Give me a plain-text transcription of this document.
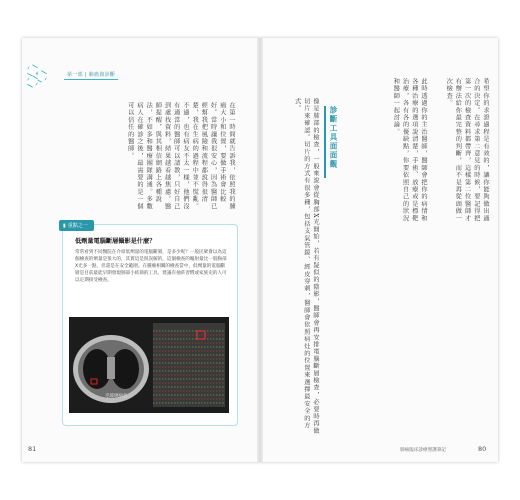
第一部 | 肺癌與診斷
在第一時間就告訴我，依照我的腫瘤大小和位置，要做手術會比較好。當時讓我很安心，因為醫師已經幫我把風險和流程都說得很清楚，我在生病的過程中並不慌亂。不過，也有病友不太一樣，他們沒有適當的醫師可以請教，只好自己到處找資料，結果越看越焦慮。醫師提醒，與其相信網路上各種說法，不如多和醫療團隊溝通。多數病人在確診之後，最需要的是一個可以信任的醫師。
▮ 重點之一
低劑量電腦斷層攝影是什麼？
常常看到不同醫院在介紹低劑量的電腦斷層，是多少呢？一般民眾會以為這個檢查的劑量是很大的，其實這是很誤解的，這個檢查的輻射量比一般胸部X光多一點，但還是在安全範圍。在腫瘤相關的檢查當中，低劑量的電腦斷層是目前最能早期發現肺部小結節的工具，建議有抽菸習慣或家族史的人可以定期接受檢查。
毛玻璃病灶
81
希望你的求證過程是有效的，讓你能夠做出適合的決定。在尋求第二意見的時候，要記得把第一次的檢查資料都帶齊，這樣第二位醫師才有辦法給你最完整的判斷，而不是再從頭做一次檢查。
此時透過你的主治醫師，醫師會把你的病情和各種治療的選項說清楚，手術、放療或是標靶治療，各有各的優缺點，你要依照自己的狀況和醫師一起討論。
診斷工具面面觀
像是肺部的檢查，一般來說會從胸部X光開始，若有疑似的陰影，醫師會再安排電腦斷層檢查，必要時再做切片來確認。切片的方式有很多種，包括支氣管鏡、經皮穿刺，醫師會依照病灶的位置來選擇最安全的方式。
肺癌臨床診療照護筆記	80
